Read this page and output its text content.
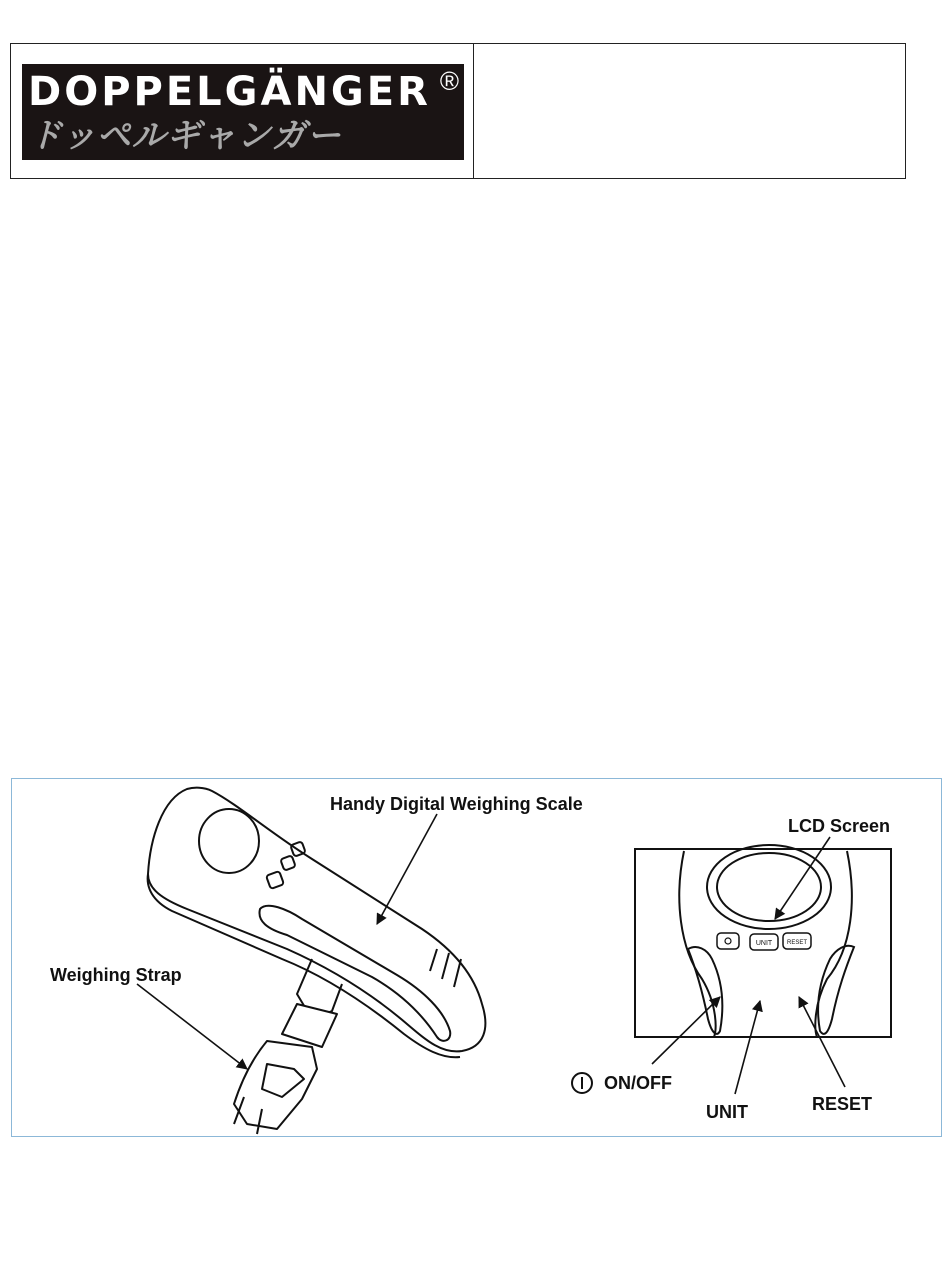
DOPPELGÄNGER ®
ドッペルギャンガー
UNIT RESET
Handy Digital Weighing Scale
Weighing Strap
LCD Screen
ON/OFF
UNIT	RESET
